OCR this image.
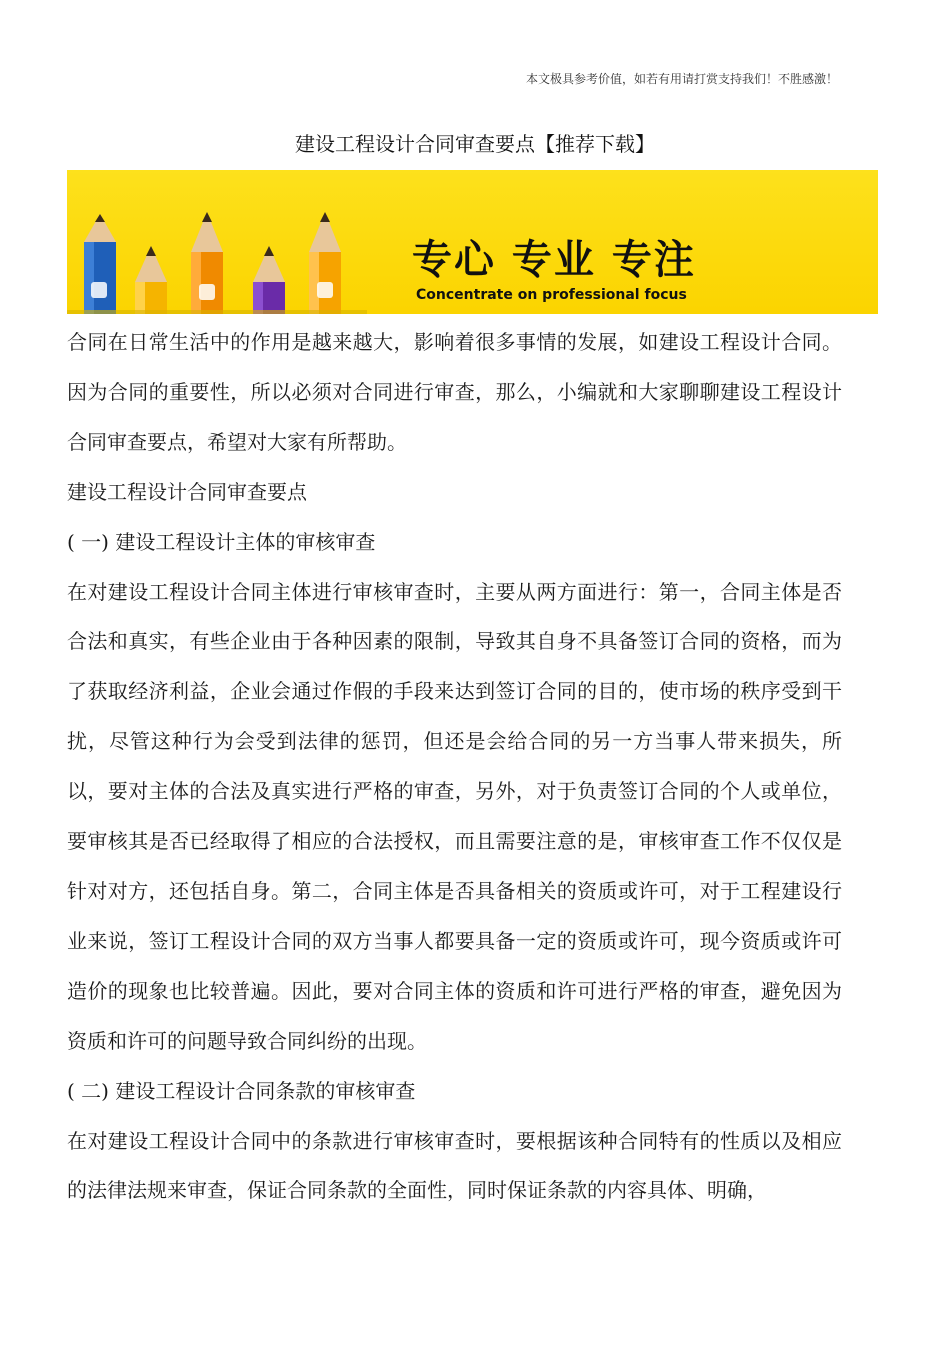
本文极具参考价值，如若有用请打赏支持我们！不胜感激！
建设工程设计合同审查要点【推荐下载】
专心 专业 专注
Concentrate on professional focus

合同在日常生活中的作用是越来越大，影响着很多事情的发展，如建设工程设计合同。因为合同的重要性，所以必须对合同进行审查，那么，小编就和大家聊聊建设工程设计合同审查要点，希望对大家有所帮助。

建设工程设计合同审查要点

( 一) 建设工程设计主体的审核审查

在对建设工程设计合同主体进行审核审查时，主要从两方面进行：第一，合同主体是否合法和真实，有些企业由于各种因素的限制，导致其自身不具备签订合同的资格，而为了获取经济利益，企业会通过作假的手段来达到签订合同的目的，使市场的秩序受到干扰，尽管这种行为会受到法律的惩罚，但还是会给合同的另一方当事人带来损失，所以，要对主体的合法及真实进行严格的审查，另外，对于负责签订合同的个人或单位，要审核其是否已经取得了相应的合法授权，而且需要注意的是，审核审查工作不仅仅是针对对方，还包括自身。第二，合同主体是否具备相关的资质或许可，对于工程建设行业来说，签订工程设计合同的双方当事人都要具备一定的资质或许可，现今资质或许可造价的现象也比较普遍。因此，要对合同主体的资质和许可进行严格的审查，避免因为资质和许可的问题导致合同纠纷的出现。

( 二) 建设工程设计合同条款的审核审查

在对建设工程设计合同中的条款进行审核审查时，要根据该种合同特有的性质以及相应的法律法规来审查，保证合同条款的全面性，同时保证条款的内容具体、明确，
